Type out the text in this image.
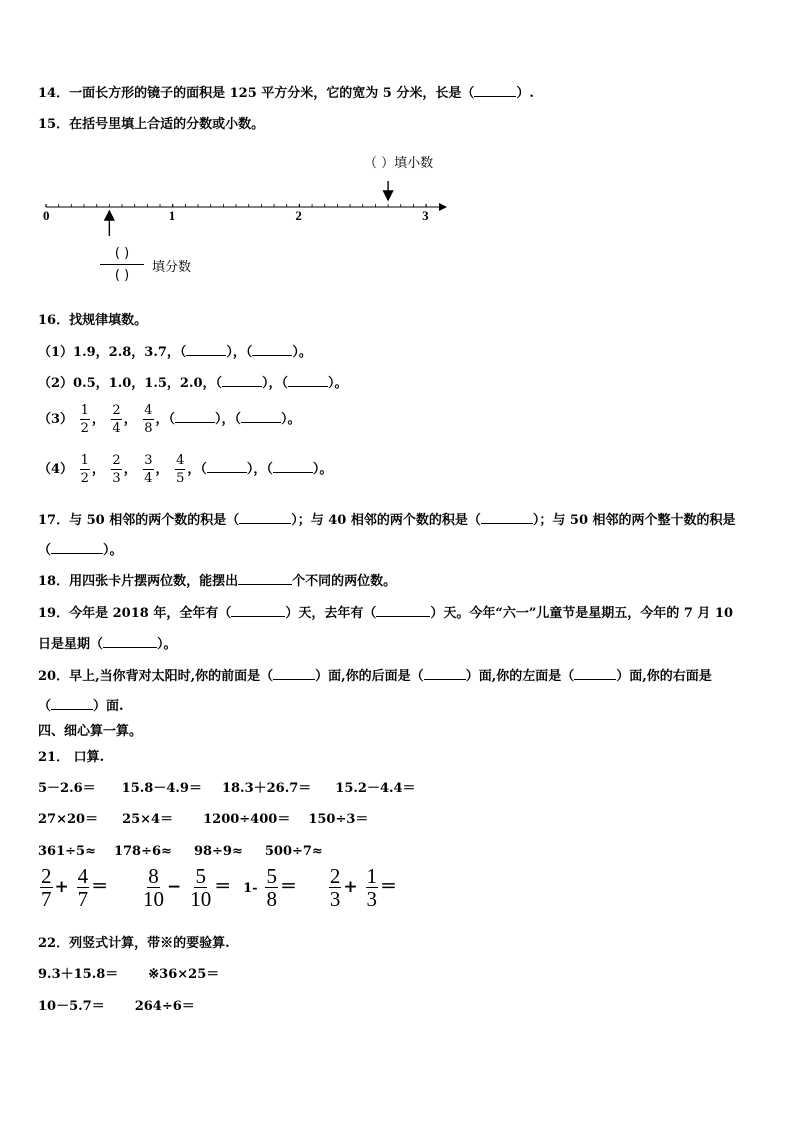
14．一面长方形的镜子的面积是 125 平方分米，它的宽为 5 分米，长是（	）.
15．在括号里填上合适的分数或小数。
0	1	2	3
（ ）填小数
( )
( )
填分数
16．找规律填数。
（1）1.9，2.8，3.7，（	），（	）。
（2）0.5，1.0，1.5，2.0，（	），（	）。
$(3) \frac{1}{2}$ ， $\frac{2}{4}$ ， $\frac{4}{8}$ ，（	），（	）。
$(4) \frac{1}{2}$ ， $\frac{2}{3}$ ， $\frac{3}{4}$ ， $\frac{4}{5}$ ，（	），（	）。
17．与 50 相邻的两个数的积是（	）；与 40 相邻的两个数的积是（	）；与 50 相邻的两个整十数的积是
（	）。
18．用四张卡片摆两位数，能摆出	个不同的两位数。
19．今年是 2018 年，全年有（	）天，去年有（	）天。今年“六一”儿童节是星期五，今年的 7 月 10
日是星期（	）。
20．早上,当你背对太阳时,你的前面是（	）面,你的后面是（	）面,你的左面是（	）面,你的右面是
（	）面.
四、细心算一算。
21． 口算.
5－2.6＝ 15.8－4.9＝ 18.3＋26.7＝ 15.2－4.4＝
27×20＝ 25×4＝ 1200÷400＝ 150÷3＝
361÷5≈ 178÷6≈ 98÷9≈ 500÷7≈
$\frac{2}{7} + \frac{4}{7} = \frac{8}{10} - \frac{5}{10} = 1- \frac{5}{8} = \frac{2}{3} + \frac{1}{3}$ ＝
22．列竖式计算，带※的要验算.
9.3＋15.8＝ ※36×25＝
10－5.7＝ 264÷6＝
